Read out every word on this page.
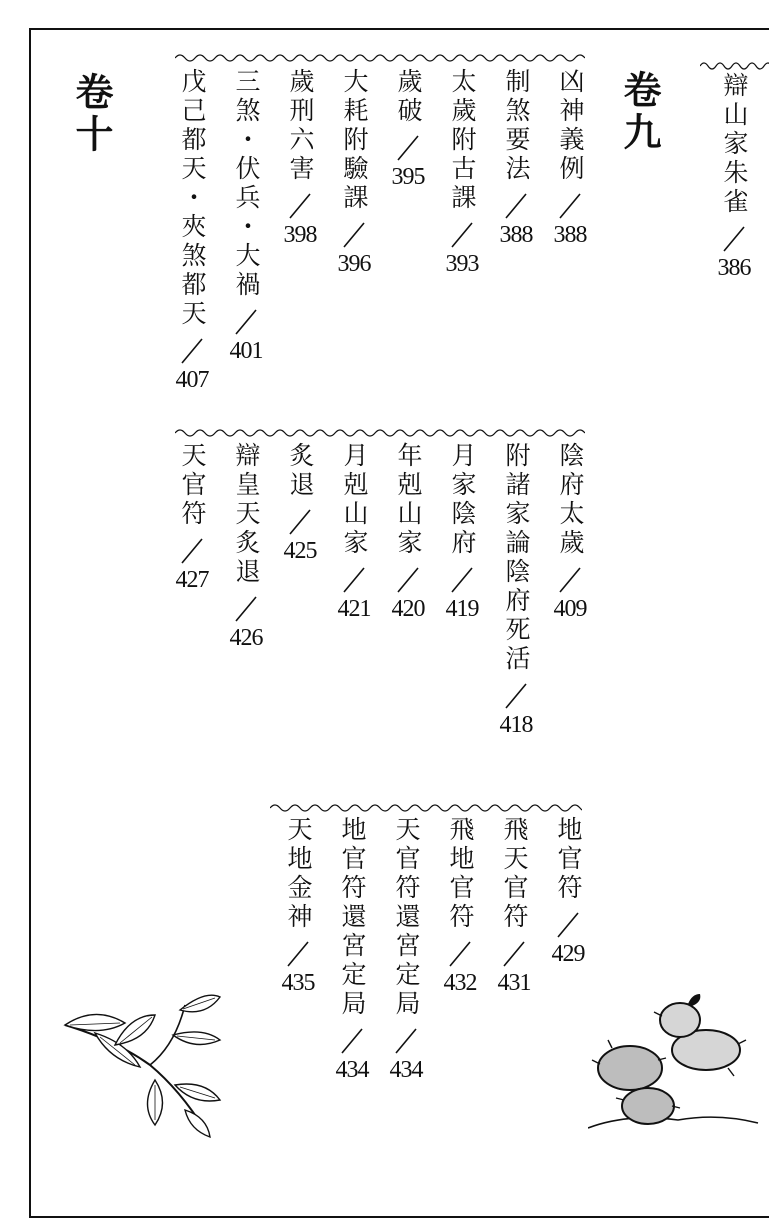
卷九
卷十	辯山家朱雀
386
凶神義例
388
制煞要法
388
太歲附古課
393
歲破
395
大耗附驗課
396
歲刑六害
398
三煞・伏兵・大禍
401
戊己都天・夾煞都天
407
陰府太歲
409
附諸家論陰府死活
418
月家陰府
419
年剋山家
420
月剋山家
421
炙退
425
辯皇天炙退
426
天官符
427
地官符
429
飛天官符
431
飛地官符
432
天官符還宮定局
434
地官符還宮定局
434
天地金神
435
